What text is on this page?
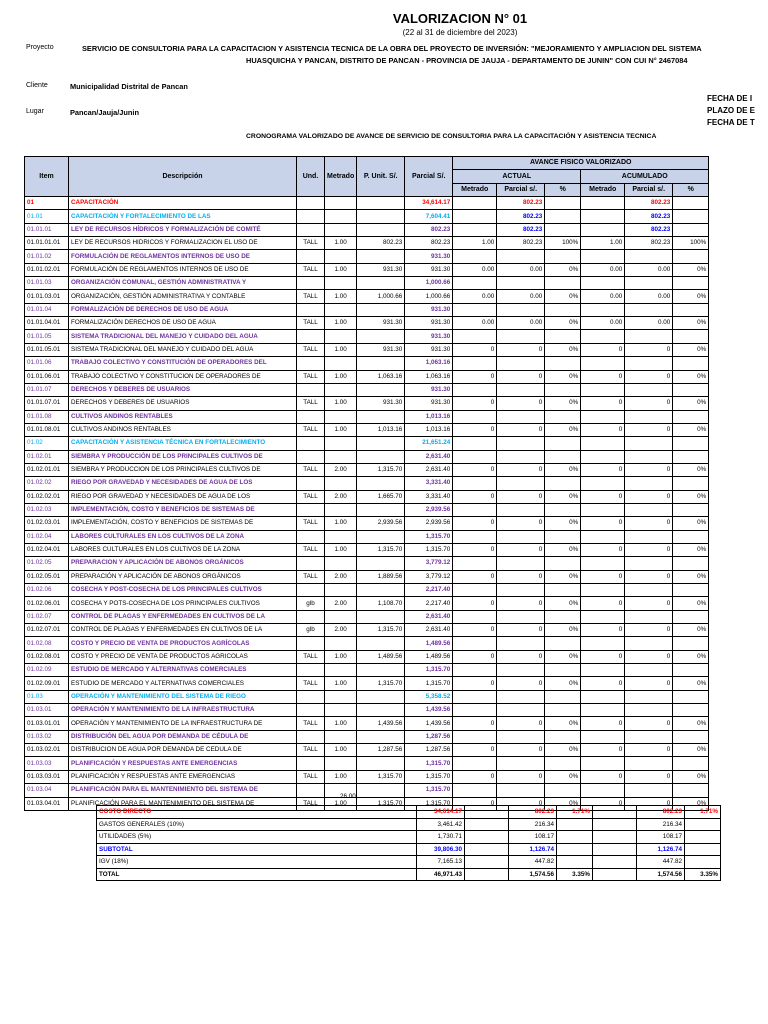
VALORIZACION N° 01
(22 al 31 de diciembre del 2023)
Proyecto	SERVICIO DE CONSULTORIA PARA LA CAPACITACION Y ASISTENCIA TECNICA DE LA OBRA DEL PROYECTO DE INVERSIÓN: "MEJORAMIENTO Y AMPLIACION DEL SISTEMA
HUASQUICHA Y PANCAN, DISTRITO DE PANCAN - PROVINCIA DE JAUJA - DEPARTAMENTO DE JUNIN" CON CUI N° 2467084
Cliente	Municipalidad Distrital de Pancan
FECHA DE I
Lugar	Pancan/Jauja/Junin	PLAZO DE E
FECHA DE T
CRONOGRAMA VALORIZADO DE AVANCE DE SERVICIO DE CONSULTORIA PARA LA CAPACITACIÓN Y ASISTENCIA TECNICA
Item	Descripción	Und.	Metrado	P. Unit. S/.	Parcial S/.	AVANCE FISICO VALORIZADO					
						ACTUAL			ACUMULADO		
						Metrado	Parcial s/.	%	Metrado	Parcial s/.	%
01	CAPACITACIÓN				34,614.17		802.23			802.23	
01.01	CAPACITACIÓN Y FORTALECIMIENTO DE LAS				7,604.41		802.23			802.23	
01.01.01	LEY DE RECURSOS HÍDRICOS Y FORMALIZACIÓN DE COMITÉ				802.23		802.23			802.23	
01.01.01.01	LEY DE RECURSOS HIDRICOS Y FORMALIZACION EL USO DE	TALL	1.00	802.23	802.23	1.00	802.23	100%	1.00	802.23	100%
01.01.02	FORMULACIÓN DE REGLAMENTOS INTERNOS DE USO DE				931.30						
01.01.02.01	FORMULACIÓN DE REGLAMENTOS INTERNOS DE USO DE	TALL	1.00	931.30	931.30	0.00	0.00	0%	0.00	0.00	0%
01.01.03	ORGANIZACIÓN COMUNAL, GESTIÓN ADMINISTRATIVA Y				1,000.66						
01.01.03.01	ORGANIZACIÓN, GESTIÓN ADMINISTRATIVA Y CONTABLE	TALL	1.00	1,000.66	1,000.66	0.00	0.00	0%	0.00	0.00	0%
01.01.04	FORMALIZACIÓN DE DERECHOS DE USO DE AGUA				931.30						
01.01.04.01	FORMALIZACIÓN DERECHOS DE USO DE AGUA	TALL	1.00	931.30	931.30	0.00	0.00	0%	0.00	0.00	0%
01.01.05	SISTEMA TRADICIONAL DEL MANEJO Y CUIDADO DEL AGUA				931.30						
01.01.05.01	SISTEMA TRADICIONAL DEL MANEJO Y CUIDADO DEL AGUA	TALL	1.00	931.30	931.30	0	0	0%	0	0	0%
01.01.06	TRABAJO COLECTIVO Y CONSTITUCIÓN DE OPERADORES DEL				1,063.16						
01.01.06.01	TRABAJO COLECTIVO Y CONSTITUCION DE OPERADORES DE	TALL	1.00	1,063.16	1,063.16	0	0	0%	0	0	0%
01.01.07	DERECHOS Y DEBERES DE USUARIOS				931.30						
01.01.07.01	DERECHOS Y DEBERES DE USUARIOS	TALL	1.00	931.30	931.30	0	0	0%	0	0	0%
01.01.08	CULTIVOS ANDINOS RENTABLES				1,013.16						
01.01.08.01	CULTIVOS ANDINOS RENTABLES	TALL	1.00	1,013.16	1,013.16	0	0	0%	0	0	0%
01.02	CAPACITACIÓN Y ASISTENCIA TÉCNICA EN FORTALECIMIENTO				21,651.24						
01.02.01	SIEMBRA Y PRODUCCIÓN DE LOS PRINCIPALES CULTIVOS DE				2,631.40						
01.02.01.01	SIEMBRA Y PRODUCCION DE LOS PRINCIPALES CULTIVOS DE	TALL	2.00	1,315.70	2,631.40	0	0	0%	0	0	0%
01.02.02	RIEGO POR GRAVEDAD Y NECESIDADES DE AGUA DE LOS				3,331.40						
01.02.02.01	RIEGO POR GRAVEDAD Y NECESIDADES DE AGUA DE LOS	TALL	2.00	1,665.70	3,331.40	0	0	0%	0	0	0%
01.02.03	IMPLEMENTACIÓN, COSTO Y BENEFICIOS DE SISTEMAS DE				2,939.56						
01.02.03.01	IMPLEMENTACIÓN, COSTO Y BENEFICIOS DE SISTEMAS DE	TALL	1.00	2,939.56	2,939.56	0	0	0%	0	0	0%
01.02.04	LABORES CULTURALES EN LOS CULTIVOS DE LA ZONA				1,315.70						
01.02.04.01	LABORES CULTURALES EN LOS CULTIVOS DE LA ZONA	TALL	1.00	1,315.70	1,315.70	0	0	0%	0	0	0%
01.02.05	PREPARACION Y APLICACIÓN DE ABONOS ORGÁNICOS				3,779.12						
01.02.05.01	PREPARACIÓN Y APLICACIÓN DE ABONOS ORGÁNICOS	TALL	2.00	1,889.56	3,779.12	0	0	0%	0	0	0%
01.02.06	COSECHA Y POST-COSECHA DE LOS PRINCIPALES CULTIVOS				2,217.40						
01.02.06.01	COSECHA Y POTS-COSECHA DE LOS PRINCIPALES CULTIVOS	glb	2.00	1,108.70	2,217.40	0	0	0%	0	0	0%
01.02.07	CONTROL DE PLAGAS Y ENFERMEDADES EN CULTIVOS DE LA				2,631.40						
01.02.07.01	CONTROL DE PLAGAS Y ENFERMEDADES EN CULTIVOS DE LA	glb	2.00	1,315.70	2,631.40	0	0	0%	0	0	0%
01.02.08	COSTO Y PRECIO DE VENTA DE PRODUCTOS AGRÍCOLAS				1,489.56						
01.02.08.01	COSTO Y PRECIO DE VENTA DE PRODUCTOS AGRICOLAS	TALL	1.00	1,489.56	1,489.56	0	0	0%	0	0	0%
01.02.09	ESTUDIO DE MERCADO Y ALTERNATIVAS COMERCIALES				1,315.70						
01.02.09.01	ESTUDIO DE MERCADO Y ALTERNATIVAS COMERCIALES	TALL	1.00	1,315.70	1,315.70	0	0	0%	0	0	0%
01.03	OPERACIÓN Y MANTENIMIENTO DEL SISTEMA DE RIEGO				5,358.52						
01.03.01	OPERACIÓN Y MANTENIMIENTO DE LA INFRAESTRUCTURA				1,439.56						
01.03.01.01	OPERACIÓN Y MANTENIMIENTO DE LA INFRAESTRUCTURA DE	TALL	1.00	1,439.56	1,439.56	0	0	0%	0	0	0%
01.03.02	DISTRIBUCIÓN DEL AGUA POR DEMANDA DE CÉDULA DE				1,287.56						
01.03.02.01	DISTRIBUCION DE AGUA POR DEMANDA DE CEDULA DE	TALL	1.00	1,287.56	1,287.56	0	0	0%	0	0	0%
01.03.03	PLANIFICACIÓN Y RESPUESTAS ANTE EMERGENCIAS				1,315.70						
01.03.03.01	PLANIFICACIÓN Y RESPUESTAS ANTE EMERGENCIAS	TALL	1.00	1,315.70	1,315.70	0	0	0%	0	0	0%
01.03.04	PLANIFICACIÓN PARA EL MANTENIMIENTO DEL SISTEMA DE				1,315.70						
01.03.04.01	PLANIFICACIÓN PARA EL MANTENIMIENTO DEL SISTEMA DE	TALL	1.00	1,315.70	1,315.70	0	0	0%	0	0	0%
26.00
COSTO DIRECTO	34,614.17		802.23	1.71%		802.23	1.71%
GASTOS GENERALES (10%)	3,461.42		216.34			216.34	
UTILIDADES (5%)	1,730.71		108.17			108.17	
SUBTOTAL	39,806.30		1,126.74			1,126.74	
IGV (18%)	7,165.13		447.82			447.82	
TOTAL	46,971.43		1,574.56	3.35%		1,574.56	3.35%
